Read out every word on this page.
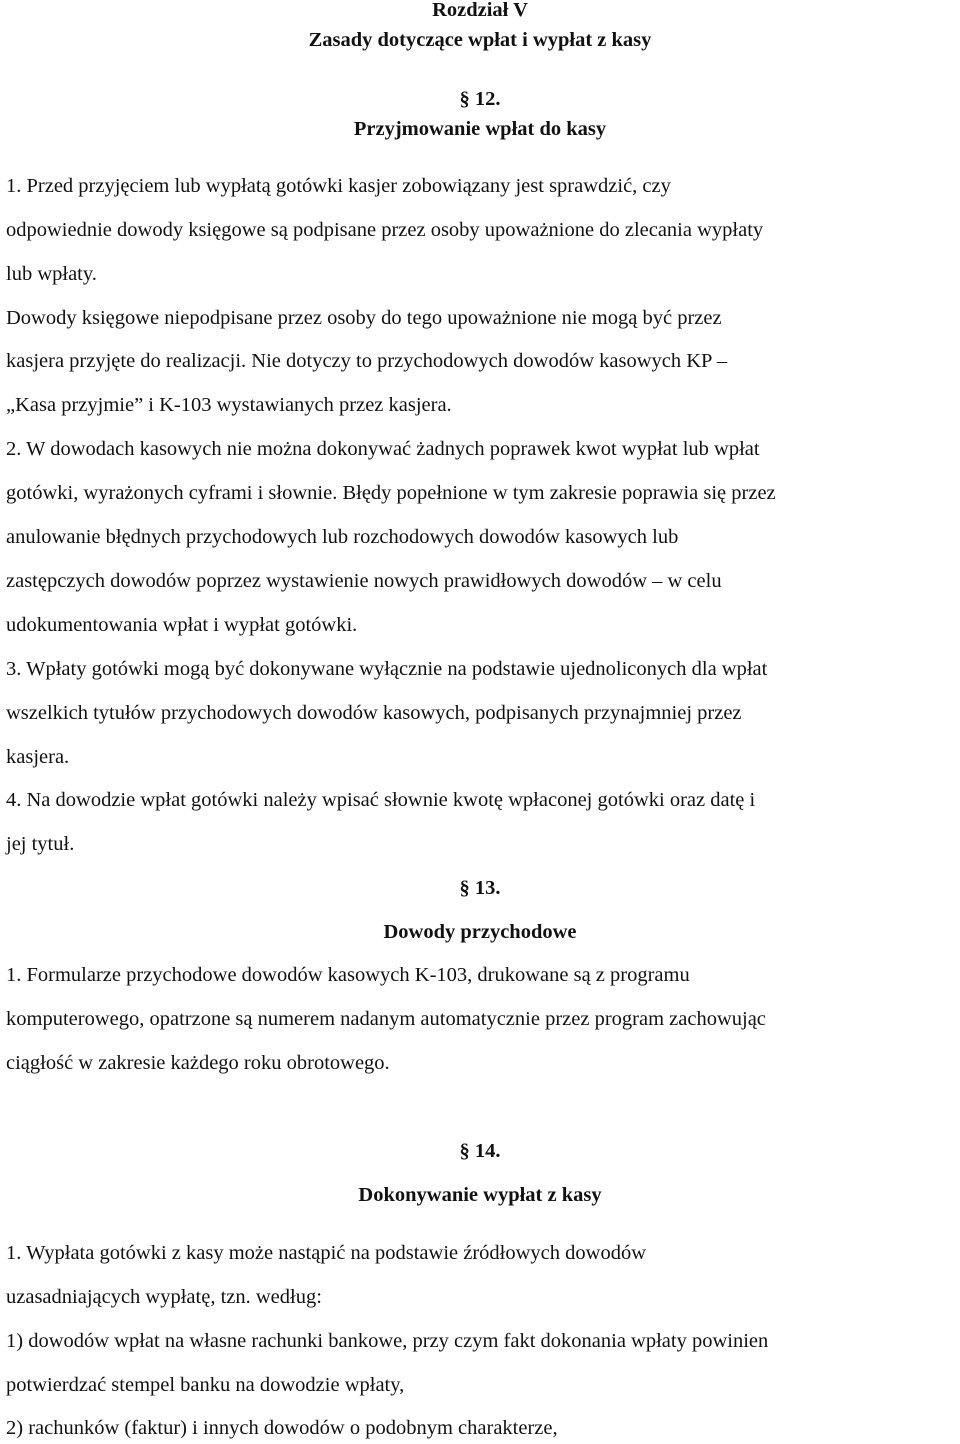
Rozdział V
Zasady dotyczące wpłat i wypłat z kasy
§ 12.
Przyjmowanie wpłat do kasy
1. Przed przyjęciem lub wypłatą gotówki kasjer zobowiązany jest sprawdzić, czy
odpowiednie dowody księgowe są podpisane przez osoby upoważnione do zlecania wypłaty
lub wpłaty.
Dowody księgowe niepodpisane przez osoby do tego upoważnione nie mogą być przez
kasjera przyjęte do realizacji. Nie dotyczy to przychodowych dowodów kasowych KP –
„Kasa przyjmie” i K-103 wystawianych przez kasjera.
2. W dowodach kasowych nie można dokonywać żadnych poprawek kwot wypłat lub wpłat
gotówki, wyrażonych cyframi i słownie. Błędy popełnione w tym zakresie poprawia się przez
anulowanie błędnych przychodowych lub rozchodowych dowodów kasowych lub
zastępczych dowodów poprzez wystawienie nowych prawidłowych dowodów – w celu
udokumentowania wpłat i wypłat gotówki.
3. Wpłaty gotówki mogą być dokonywane wyłącznie na podstawie ujednoliconych dla wpłat
wszelkich tytułów przychodowych dowodów kasowych, podpisanych przynajmniej przez
kasjera.
4. Na dowodzie wpłat gotówki należy wpisać słownie kwotę wpłaconej gotówki oraz datę i
jej tytuł.
§ 13.
Dowody przychodowe
1. Formularze przychodowe dowodów kasowych K-103, drukowane są z programu
komputerowego, opatrzone są numerem nadanym automatycznie przez program zachowując
ciągłość w zakresie każdego roku obrotowego.
§ 14.
Dokonywanie wypłat z kasy
1. Wypłata gotówki z kasy może nastąpić na podstawie źródłowych dowodów
uzasadniających wypłatę, tzn. według:
1) dowodów wpłat na własne rachunki bankowe, przy czym fakt dokonania wpłaty powinien
potwierdzać stempel banku na dowodzie wpłaty,
2) rachunków (faktur) i innych dowodów o podobnym charakterze,
